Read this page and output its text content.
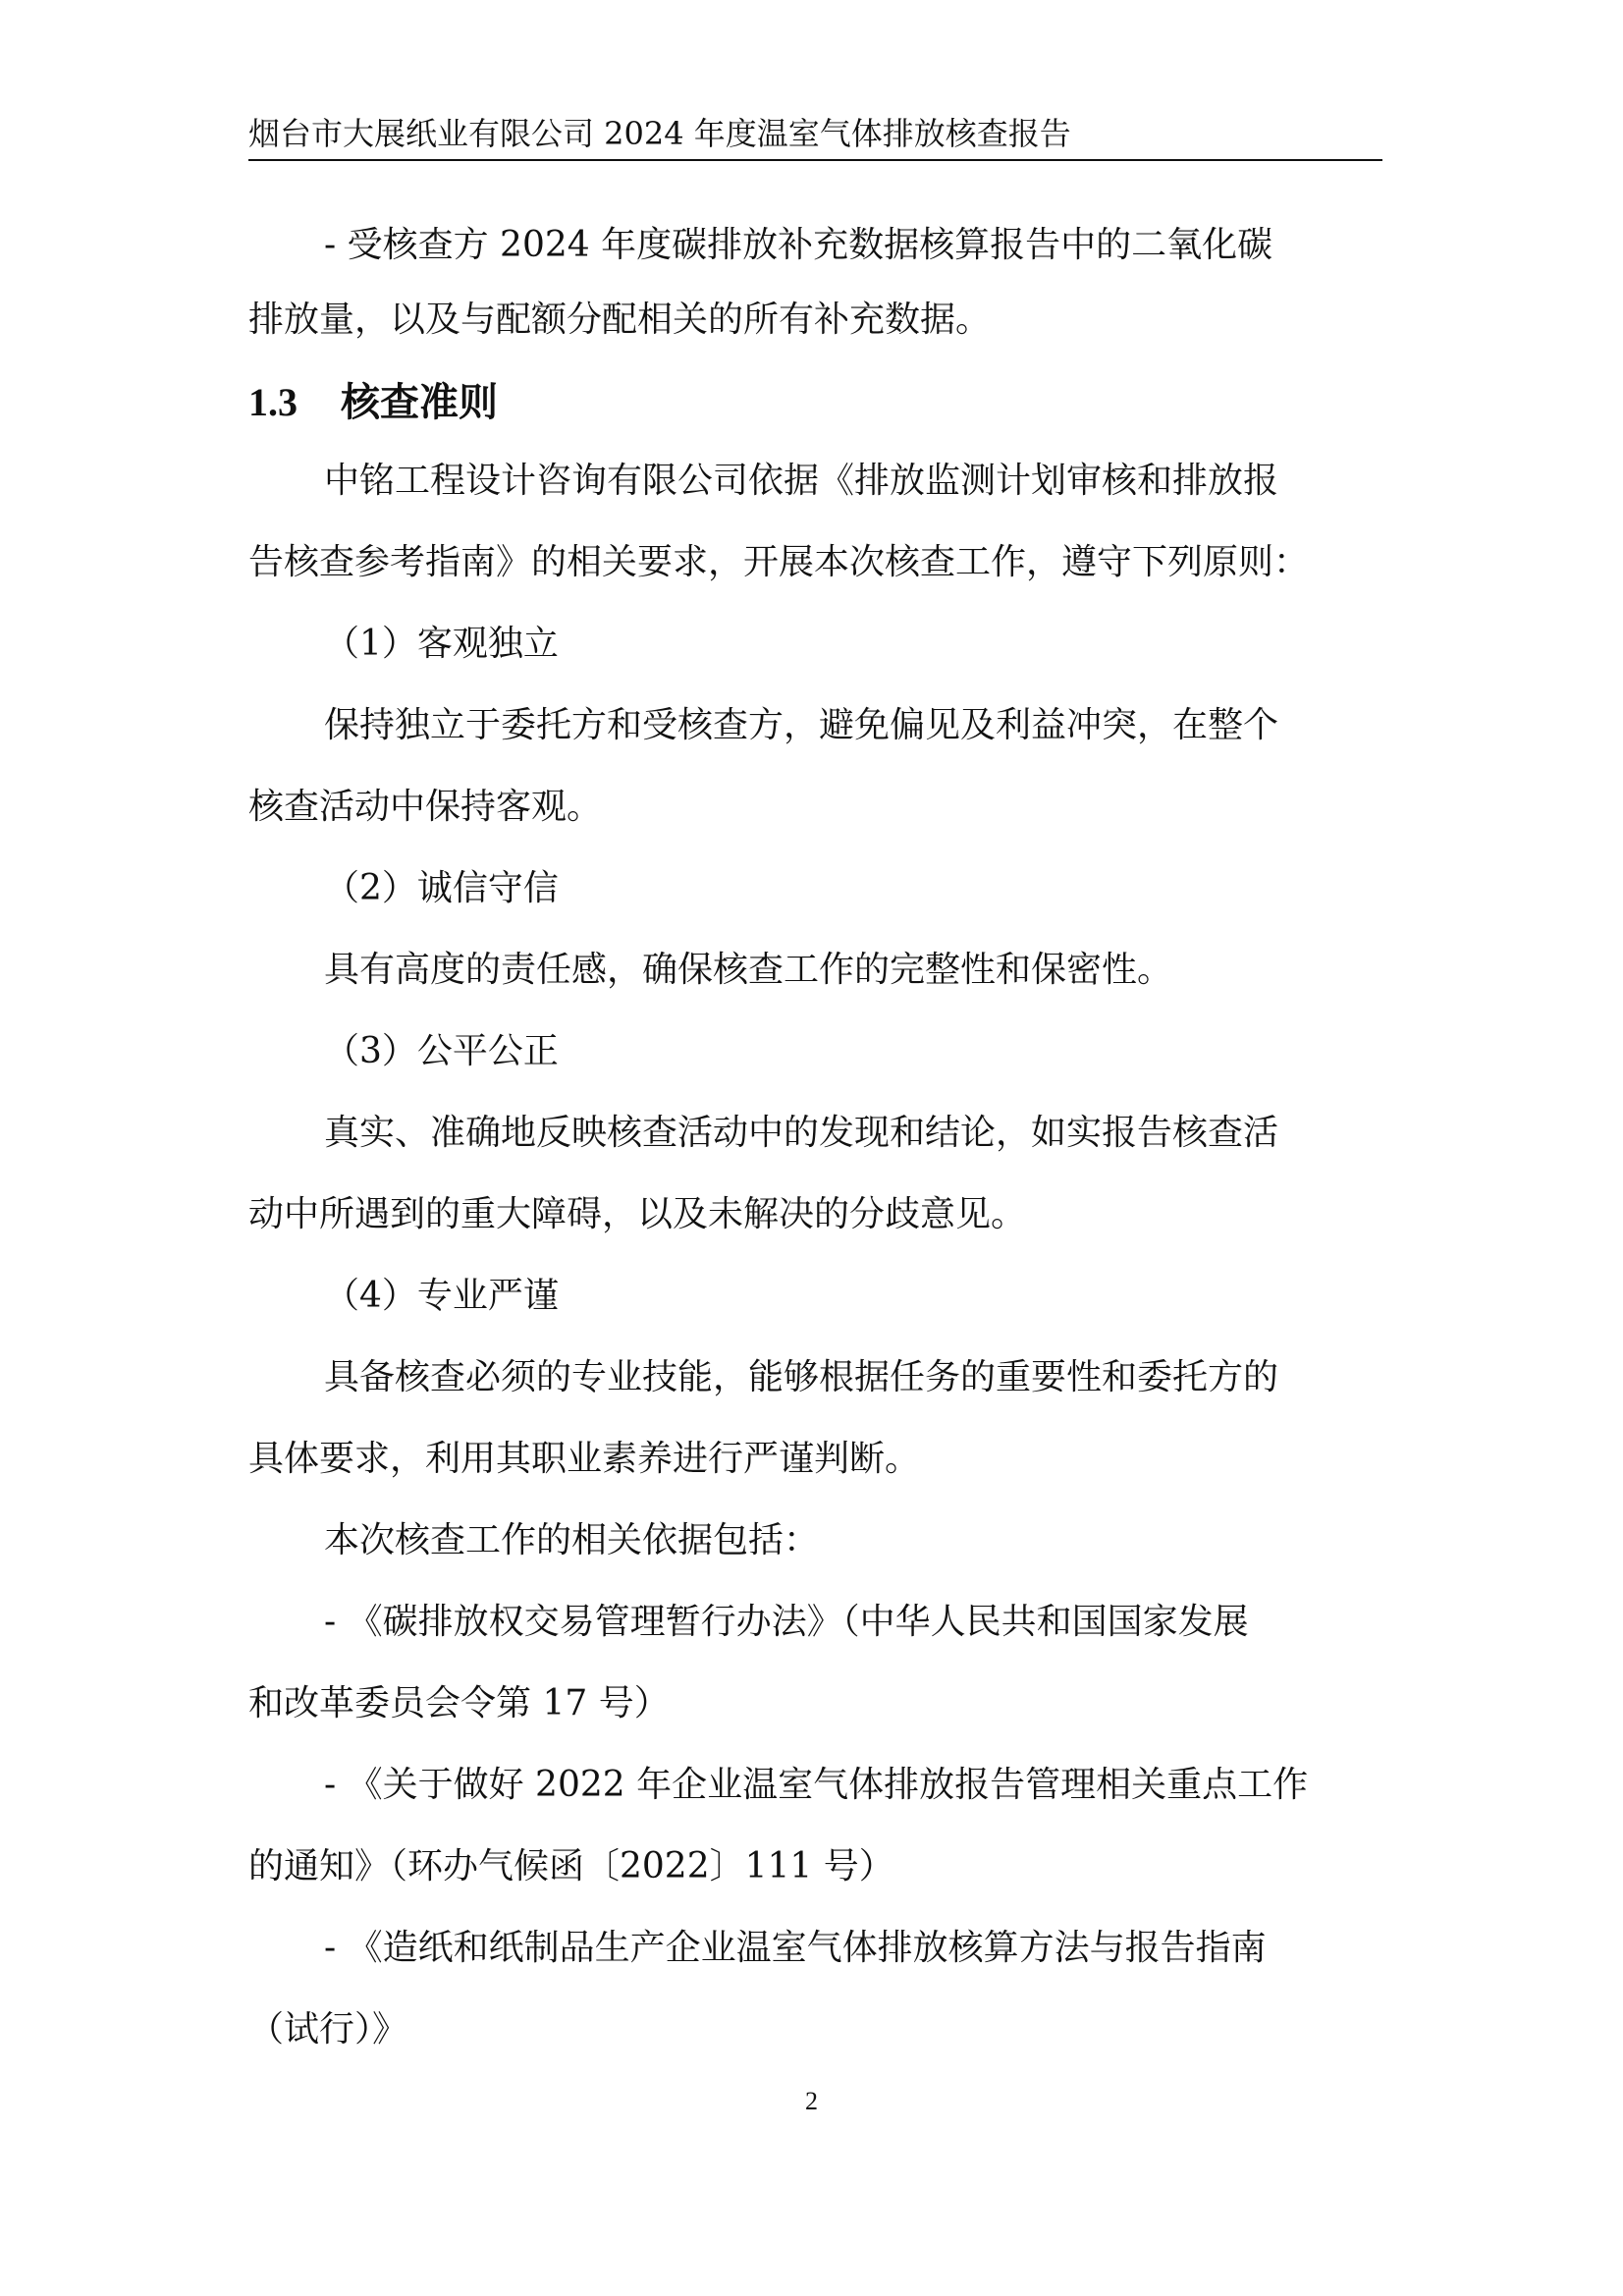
烟台市大展纸业有限公司 2024 年度温室气体排放核查报告
- 受核查方 2024 年度碳排放补充数据核算报告中的二氧化碳
排放量，以及与配额分配相关的所有补充数据。
1.3 核查准则
中铭工程设计咨询有限公司依据《排放监测计划审核和排放报
告核查参考指南》的相关要求，开展本次核查工作，遵守下列原则：
（1）客观独立
保持独立于委托方和受核查方，避免偏见及利益冲突，在整个
核查活动中保持客观。
（2）诚信守信
具有高度的责任感，确保核查工作的完整性和保密性。
（3）公平公正
真实、准确地反映核查活动中的发现和结论，如实报告核查活
动中所遇到的重大障碍，以及未解决的分歧意见。
（4）专业严谨
具备核查必须的专业技能，能够根据任务的重要性和委托方的
具体要求，利用其职业素养进行严谨判断。
本次核查工作的相关依据包括：
- 《碳排放权交易管理暂行办法》（中华人民共和国国家发展
和改革委员会令第 17 号）
- 《关于做好 2022 年企业温室气体排放报告管理相关重点工作
的通知》（环办气候函〔2022〕111 号）
- 《造纸和纸制品生产企业温室气体排放核算方法与报告指南
（试行）》
2
